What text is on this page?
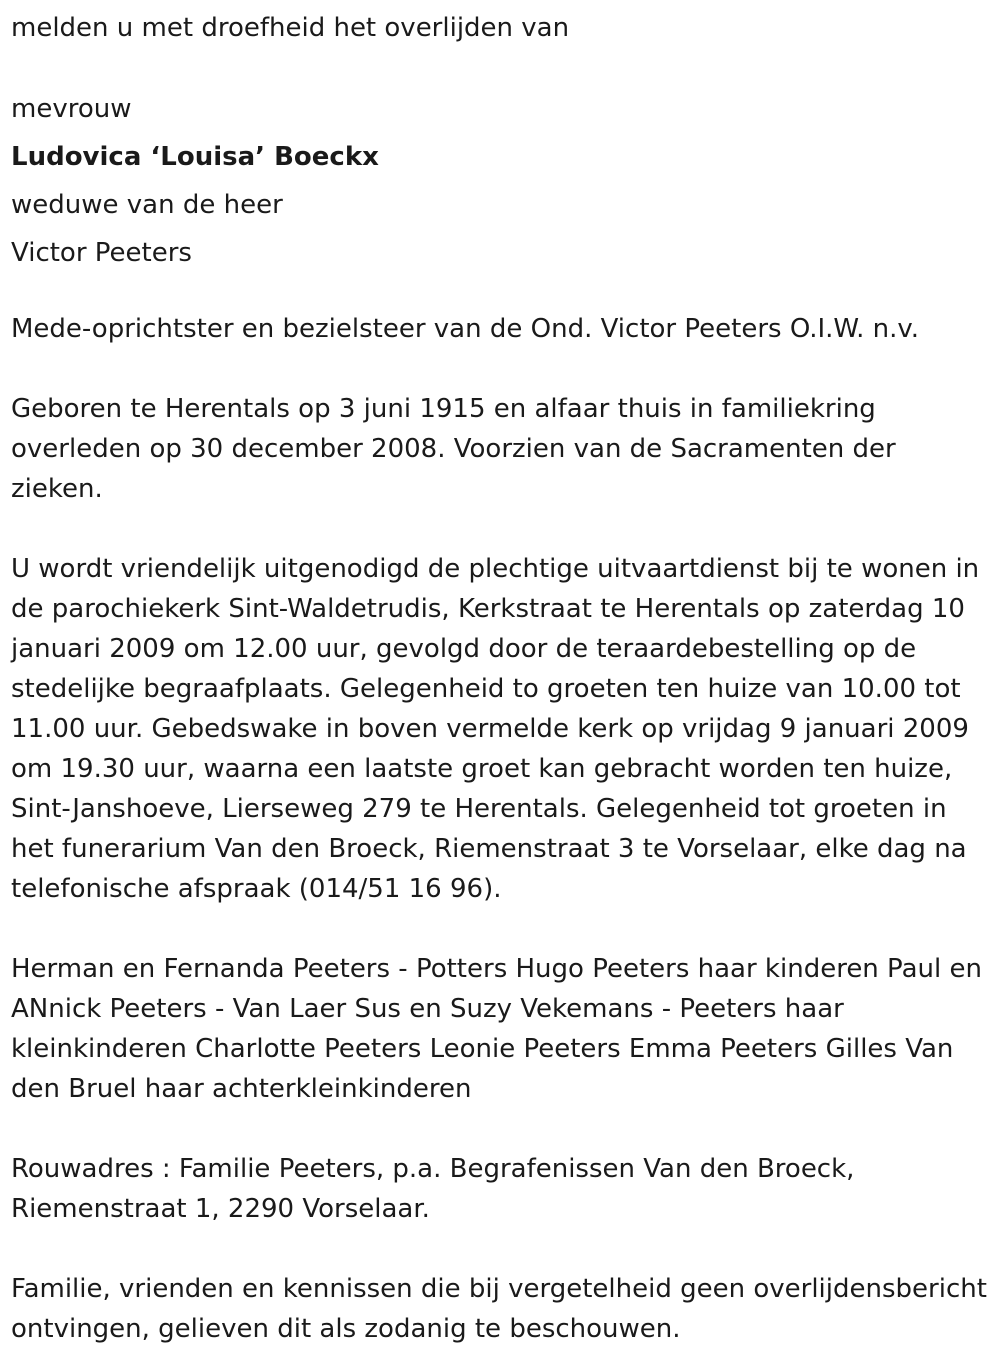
melden u met droefheid het overlijden van

mevrouw

Ludovica ‘Louisa’ Boeckx

weduwe van de heer

Victor Peeters

Mede-oprichtster en bezielsteer van de Ond. Victor Peeters O.I.W. n.v.

Geboren te Herentals op 3 juni 1915 en alfaar thuis in familiekring overleden op 30 december 2008. Voorzien van de Sacramenten der zieken.

U wordt vriendelijk uitgenodigd de plechtige uitvaartdienst bij te wonen in de parochiekerk Sint-Waldetrudis, Kerkstraat te Herentals op zaterdag 10 januari 2009 om 12.00 uur, gevolgd door de teraardebestelling op de stedelijke begraafplaats. Gelegenheid to groeten ten huize van 10.00 tot 11.00 uur. Gebedswake in boven vermelde kerk op vrijdag 9 januari 2009 om 19.30 uur, waarna een laatste groet kan gebracht worden ten huize, Sint-Janshoeve, Lierseweg 279 te Herentals. Gelegenheid tot groeten in het funerarium Van den Broeck, Riemenstraat 3 te Vorselaar, elke dag na telefonische afspraak (014/51 16 96).

Herman en Fernanda Peeters - Potters Hugo Peeters haar kinderen Paul en ANnick Peeters - Van Laer Sus en Suzy Vekemans - Peeters haar kleinkinderen Charlotte Peeters Leonie Peeters Emma Peeters Gilles Van den Bruel haar achterkleinkinderen

Rouwadres : Familie Peeters, p.a. Begrafenissen Van den Broeck, Riemenstraat 1, 2290 Vorselaar.

Familie, vrienden en kennissen die bij vergetelheid geen overlijdensbericht ontvingen, gelieven dit als zodanig te beschouwen.
